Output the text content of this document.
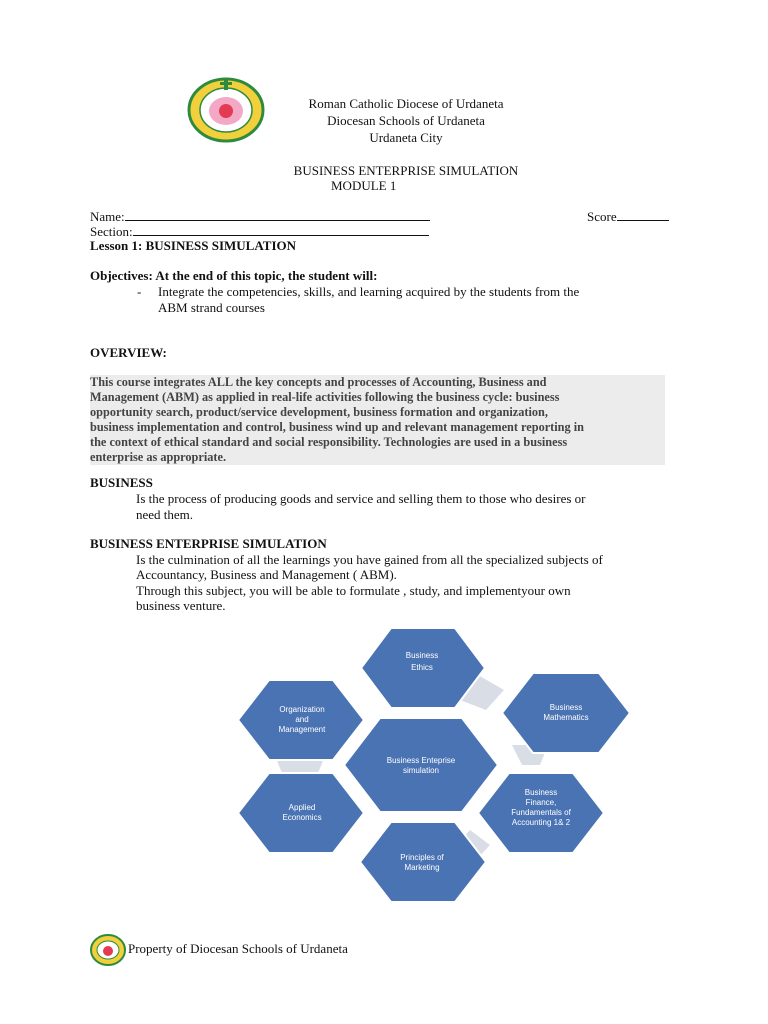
Roman Catholic Diocese of Urdaneta
Diocesan Schools of Urdaneta
Urdaneta City
BUSINESS ENTERPRISE SIMULATION
MODULE 1
Name:	Score
Section:
Lesson 1: BUSINESS SIMULATION
Objectives: At the end of this topic, the student will:
- Integrate the competencies, skills, and learning acquired by the students from the
ABM strand courses
OVERVIEW:
This course integrates ALL the key concepts and processes of Accounting, Business and
Management (ABM) as applied in real-life activities following the business cycle: business
opportunity search, product/service development, business formation and organization,
business implementation and control, business wind up and relevant management reporting in
the context of ethical standard and social responsibility. Technologies are used in a business
enterprise as appropriate.
BUSINESS
Is the process of producing goods and service and selling them to those who desires or
need them.
BUSINESS ENTERPRISE SIMULATION
Is the culmination of all the learnings you have gained from all the specialized subjects of
Accountancy, Business and Management ( ABM).
Through this subject, you will be able to formulate , study, and implementyour own
business venture.
Business
Ethics
Business
Mathematics
Organization
and
Management
Business Enteprise
simulation
Business
Finance,
Fundamentals of
Accounting 1& 2
Applied
Economics
Principles of
Marketing
Property of Diocesan Schools of Urdaneta
